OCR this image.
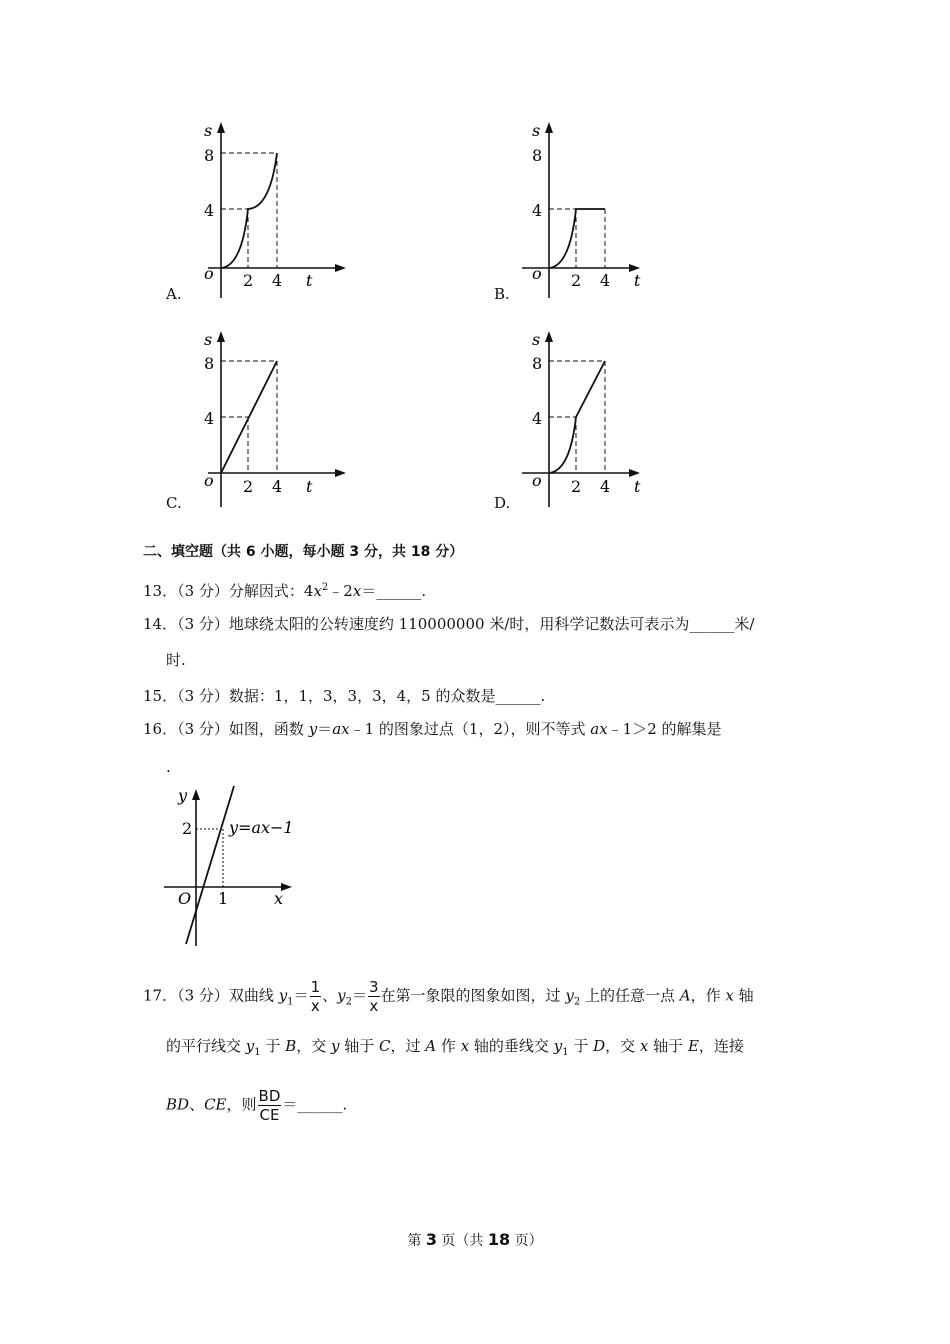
s
8
4
o 2 4 t
A.
s
8
4
o 2 4 t
B.
s
8
4
o 2 4 t
C.
s
8
4
o 2 4 t
D.
二、填空题（共 6 小题，每小题 3 分，共 18 分）
13．（3 分）分解因式：$4x^2﹣2x=\_\_\_\_\_\_$.
14．（3 分）地球绕太阳的公转速度约 110000000 米/时，用科学记数法可表示为______米/
时.
15．（3 分）数据：1，1，3，3，3，4，5 的众数是______.
16．（3 分）如图，函数 y＝ax﹣1 的图象过点（1，2），则不等式 ax﹣1＞2 的解集是
.
y
2
O 1	x
y=ax−1
17．（3 分）双曲线 $y_1= \frac{1}{x}$ 、$y_2= \frac{3}{x}$ 在第一象限的图象如图，过 $y_2$ 上的任意一点 A，作 x 轴
的平行线交 $y_1$ 于 B，交 y 轴于 C，过 A 作 x 轴的垂线交 $y_1$ 于 D，交 x 轴于 E，连接
BD、CE，则 $\frac{BD}{CE}$ ＝______.
第 3 页（共 18 页）
